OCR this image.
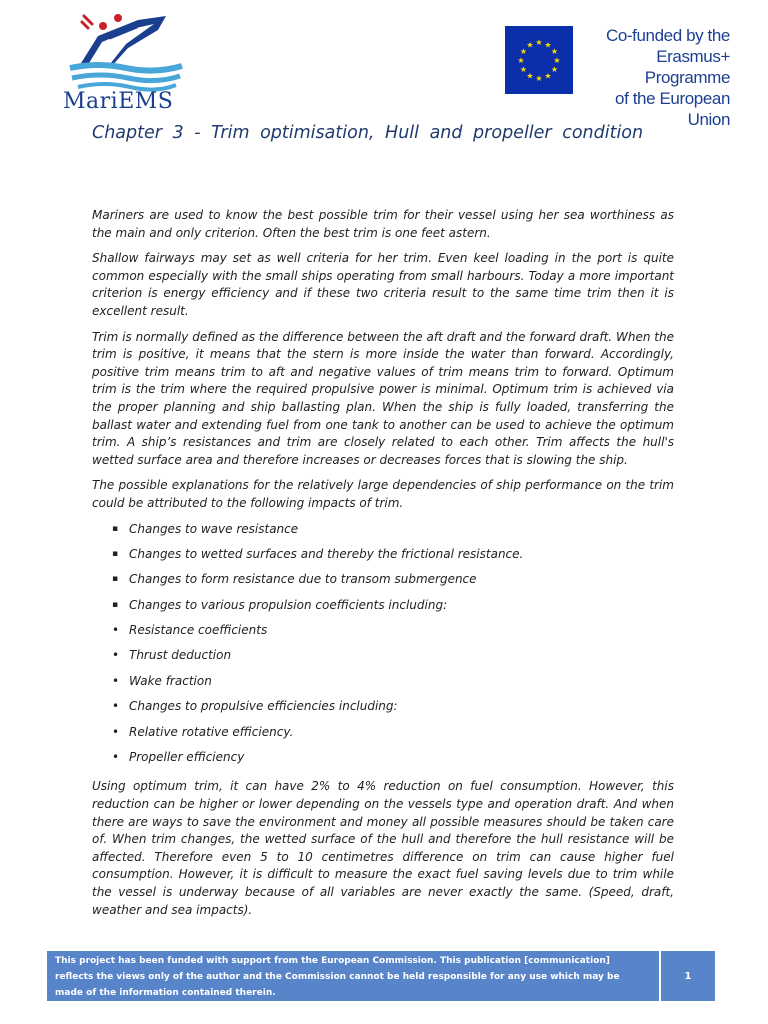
MariEMS
★ ★
★
★
★
★
★
★
★
★
★
★	Co-funded by the
Erasmus+ Programme
of the European Union
Chapter 3 - Trim optimisation, Hull and propeller condition

Mariners are used to know the best possible trim for their vessel using her sea worthiness as the main and only criterion. Often the best trim is one feet astern.

Shallow fairways may set as well criteria for her trim. Even keel loading in the port is quite common especially with the small ships operating from small harbours. Today a more important criterion is energy efficiency and if these two criteria result to the same time trim then it is excellent result.

Trim is normally defined as the difference between the aft draft and the forward draft. When the trim is positive, it means that the stern is more inside the water than forward. Accordingly, positive trim means trim to aft and negative values of trim means trim to forward. Optimum trim is the trim where the required propulsive power is minimal. Optimum trim is achieved via the proper planning and ship ballasting plan. When the ship is fully loaded, transferring the ballast water and extending fuel from one tank to another can be used to achieve the optimum trim. A ship’s resistances and trim are closely related to each other. Trim affects the hull's wetted surface area and therefore increases or decreases forces that is slowing the ship.

The possible explanations for the relatively large dependencies of ship performance on the trim could be attributed to the following impacts of trim.

▪ Changes to wave resistance
▪ Changes to wetted surfaces and thereby the frictional resistance.
▪ Changes to form resistance due to transom submergence
▪ Changes to various propulsion coefficients including:
• Resistance coefficients
• Thrust deduction
• Wake fraction
• Changes to propulsive efficiencies including:
• Relative rotative efficiency.
• Propeller efficiency

Using optimum trim, it can have 2% to 4% reduction on fuel consumption. However, this reduction can be higher or lower depending on the vessels type and operation draft. And when there are ways to save the environment and money all possible measures should be taken care of. When trim changes, the wetted surface of the hull and therefore the hull resistance will be affected. Therefore even 5 to 10 centimetres difference on trim can cause higher fuel consumption. However, it is difficult to measure the exact fuel saving levels due to trim while the vessel is underway because of all variables are never exactly the same. (Speed, draft, weather and sea impacts).

This project has been funded with support from the European Commission. This publication [communication]
reflects the views only of the author and the Commission cannot be held responsible for any use which may be
made of the information contained therein.
1
